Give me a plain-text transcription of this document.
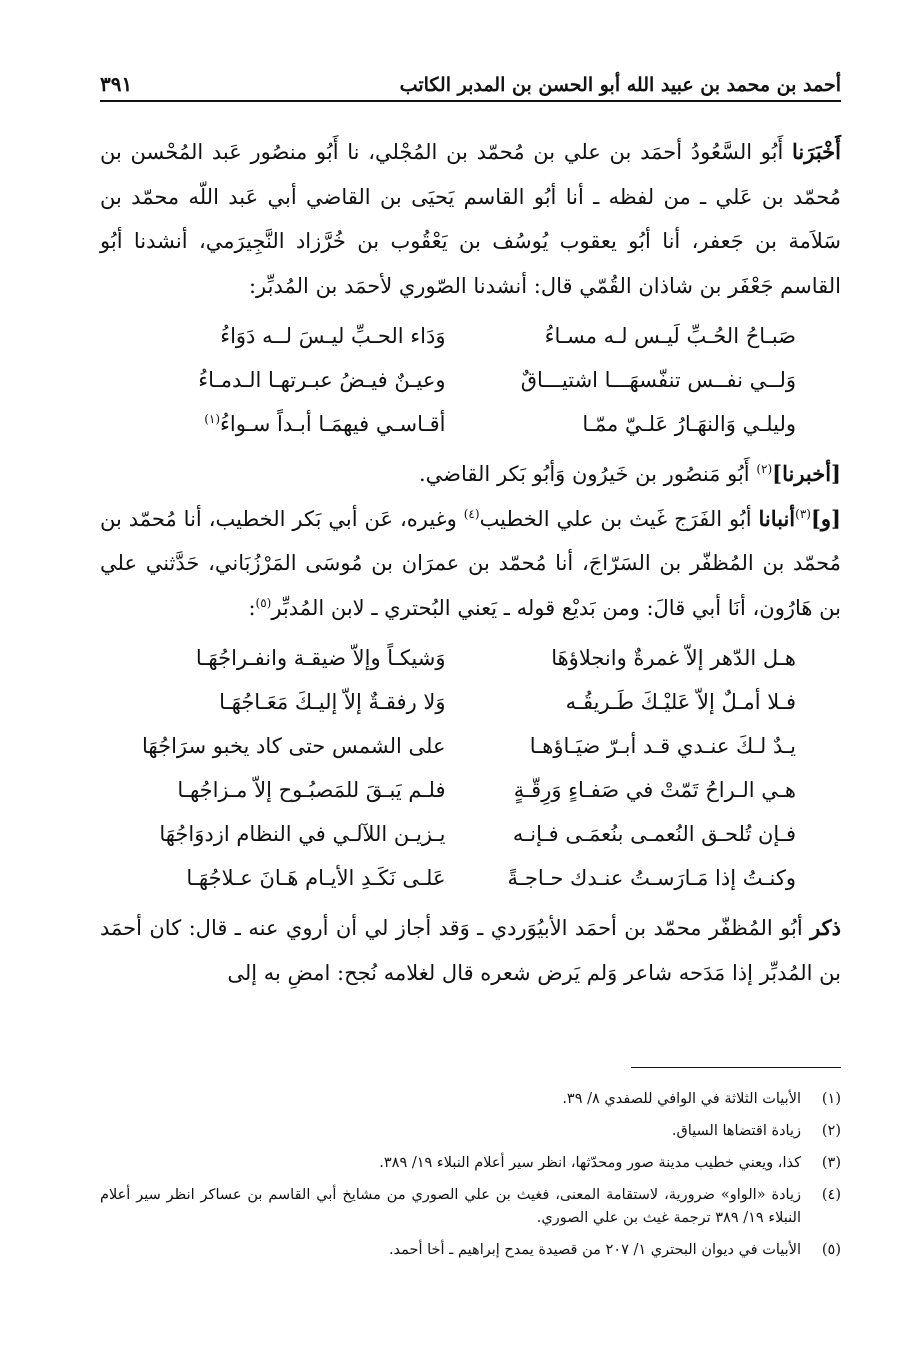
أحمد بن محمد بن عبيد الله أبو الحسن بن المدبر الكاتب
٣٩١

أَخْبَرَنا أَبُو السَّعُودُ أحمَد بن علي بن مُحمّد بن المُجْلي، نا أَبُو منصُور عَبد المُحْسن بن مُحمّد بن عَلي ـ من لفظه ـ أنا أبُو القاسم يَحيَى بن القاضي أبي عَبد اللّه محمّد بن سَلاَمة بن جَعفر، أنا أبُو يعقوب يُوسُف بن يَعْقُوب بن خُرَّزاد النَّجِيرَمي، أنشدنا أبُو القاسم جَعْفَر بن شاذان القُمّي قال: أنشدنا الصّوري لأحمَد بن المُدبِّر:

صَبـاحُ الحُـبِّ لَيـس لـه مسـاءُ
وَدَاء الحـبِّ ليـسَ لــه دَوَاءُ
وَلــي نفــس تنفّسهَـــا اشتيـــاقٌ
وعيـنٌ فيـضُ عبـرتهـا الـدمـاءُ
وليلـي وَالنهَـارُ عَلـيّ ممّـا
أقـاسـي فيهمَـا أبـداً سـواءُ$^{(١)}$

[أخبرنا]$^{(٢)}$ أَبُو مَنصُور بن خَيرُون وَأبُو بَكر القاضي.

[و]$^{(٣)}$أنبانا أبُو الفَرَج غَيث بن علي الخطيب$^{(٤)}$ وغيره، عَن أبي بَكر الخطيب، أنا مُحمّد بن مُحمّد بن المُظفّر بن السَرّاجَ، أنا مُحمّد بن عمرَان بن مُوسَى المَرْزُبَاني، حَدَّثني علي بن هَارُون، أنَا أبي قالَ: ومن بَديْع قوله ـ يَعني البُحتري ـ لابن المُدبِّر$^{(٥)}$:

هـل الدّهر إلاّ غمرةٌ وانجلاؤهَا
وَشيكـاً وإلاّ ضيقـة وانفـراجُهَـا
فـلا أمـلٌ إلاّ عَليْـكَ طَـريقُـه
وَلا رفقـةٌ إلاّ إليـكَ مَعَـاجُهَـا
يـدٌ لـكَ عنـدي قـد أبـرّ ضيَـاؤهـا
على الشمس حتى كاد يخبو سرَاجُهَا
هـي الـراحُ تَمّتْ في صَفـاءٍ وَرِقّـةٍ
فلـم يَبـقَ للمَصبُـوح إلاّ مـزاجُهـا
فـإن تُلحـق النُعمـى بنُعمَـى فـإنـه
يـزيـن اللآلـي في النظام ازدوَاجُهَا
وكنـتُ إذا مَـارَسـتُ عنـدك حـاجـةً
عَلـى نَكَـدِ الأيـام هَـانَ عـلاجُهَـا

ذكر أبُو المُظفّر محمّد بن أحمَد الأبيُوَردي ـ وَقد أجاز لي أن أروي عنه ـ قال: كان أحمَد بن المُدبِّر إذا مَدَحه شاعر وَلم يَرض شعره قال لغلامه نُجح: امضِ به إلى

(١)
الأبيات الثلاثة في الوافي للصفدي ٨/ ٣٩.
(٢)
زيادة اقتضاها السياق.
(٣)
كذا، ويعني خطيب مدينة صور ومحدّثها، انظر سير أعلام النبلاء ١٩/ ٣٨٩.
(٤)
زيادة «الواو» ضرورية، لاستقامة المعنى، فغيث بن علي الصوري من مشايخ أبي القاسم بن عساكر انظر سير أعلام النبلاء ١٩/ ٣٨٩ ترجمة غيث بن علي الصوري.
(٥)
الأبيات في ديوان البحتري ١/ ٢٠٧ من قصيدة يمدح إبراهيم ـ أخا أحمد.
